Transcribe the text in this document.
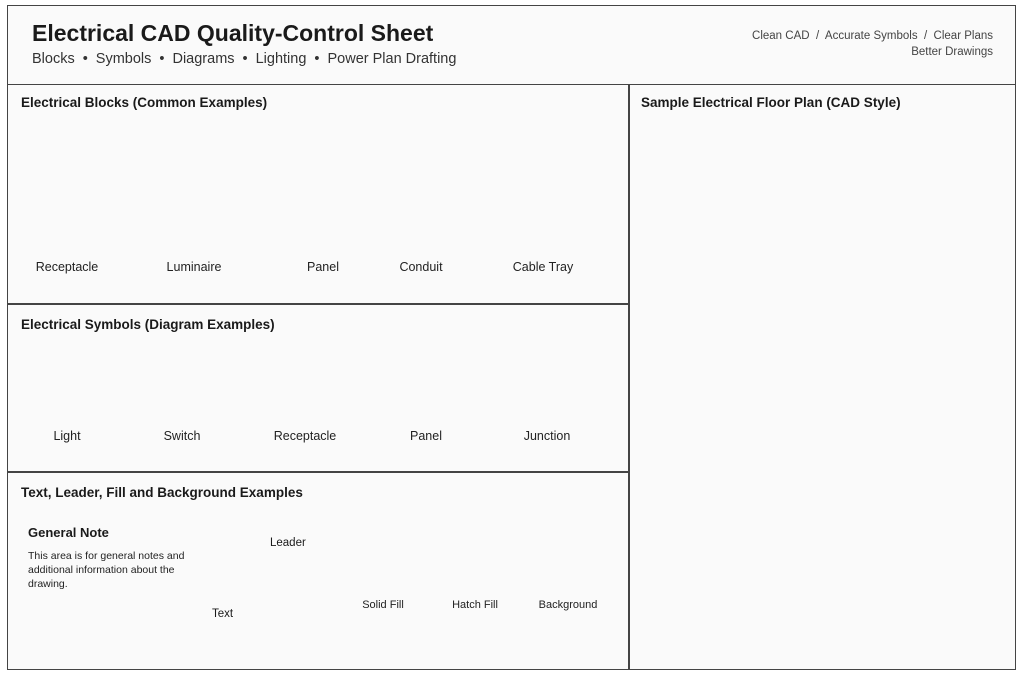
Electrical CAD Quality-Control Sheet
Blocks • Symbols • Diagrams • Lighting • Power Plan Drafting
Clean CAD  /  Accurate Symbols  /  Clear Plans
Better Drawings
Electrical Blocks (Common Examples)
Electrical Symbols (Diagram Examples)
Text, Leader, Fill and Background Examples
Sample Electrical Floor Plan (CAD Style)
Receptacle	Luminaire	Panel	Conduit	Cable Tray
Light	Switch	Receptacle	Panel	Junction
General Note
This area is for general notes and additional information about the drawing.
Leader
Text
Solid Fill	Hatch Fill	Background
